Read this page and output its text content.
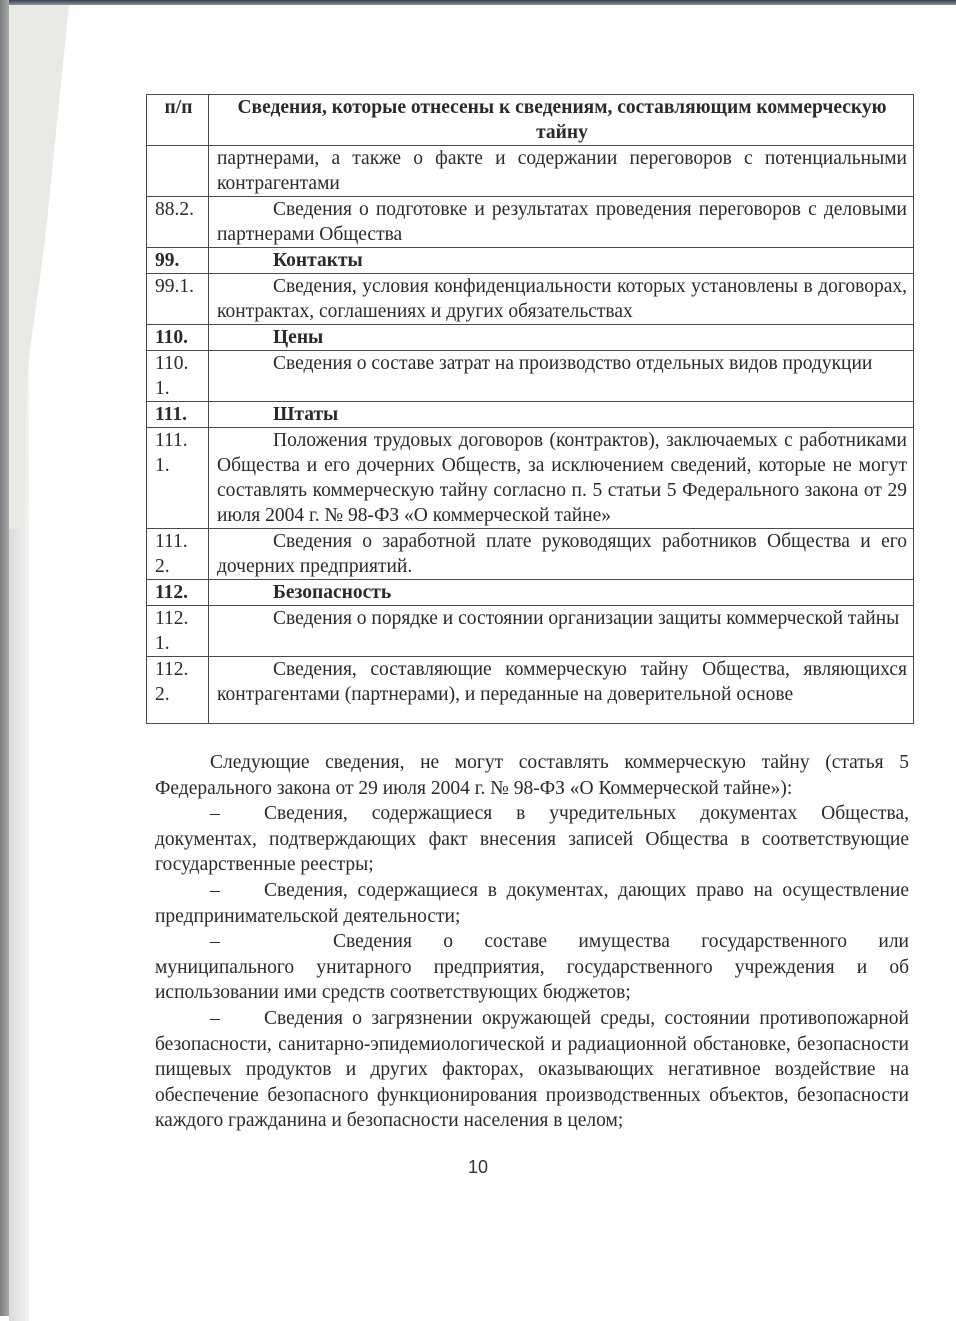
п/п	Сведения, которые отнесены к сведениям, составляющим коммерческую тайну
	партнерами, а также о факте и содержании переговоров с потенциальными контрагентами
88.2.	Сведения о подготовке и результатах проведения переговоров с деловыми партнерами Общества
99.	Контакты
99.1.	Сведения, условия конфиденциальности которых установлены в договорах, контрактах, соглашениях и других обязательствах
110.	Цены
110. 1.	Сведения о составе затрат на производство отдельных видов продукции
111.	Штаты
111. 1.	Положения трудовых договоров (контрактов), заключаемых с работниками Общества и его дочерних Обществ, за исключением сведений, которые не могут составлять коммерческую тайну согласно п. 5 статьи 5 Федерального закона от 29 июля 2004 г. № 98-ФЗ «О коммерческой тайне»
111. 2.	Сведения о заработной плате руководящих работников Общества и его дочерних предприятий.
112.	Безопасность
112. 1.	Сведения о порядке и состоянии организации защиты коммерческой тайны
112. 2.	Сведения, составляющие коммерческую тайну Общества, являющихся контрагентами (партнерами), и переданные на доверительной основе

Следующие сведения, не могут составлять коммерческую тайну (статья 5 Федерального закона от 29 июля 2004 г. № 98-ФЗ «О Коммерческой тайне»):

– Сведения, содержащиеся в учредительных документах Общества, документах, подтверждающих факт внесения записей Общества в соответствующие государственные реестры;

– Сведения, содержащиеся в документах, дающих право на осуществление предпринимательской деятельности;

–	Сведения о составе имущества государственного или муниципального унитарного предприятия, государственного учреждения и об использовании ими средств соответствующих бюджетов;

– Сведения о загрязнении окружающей среды, состоянии противопожарной безопасности, санитарно-эпидемиологической и радиационной обстановке, безопасности пищевых продуктов и других факторах, оказывающих негативное воздействие на обеспечение безопасного функционирования производственных объектов, безопасности каждого гражданина и безопасности населения в целом;

10
